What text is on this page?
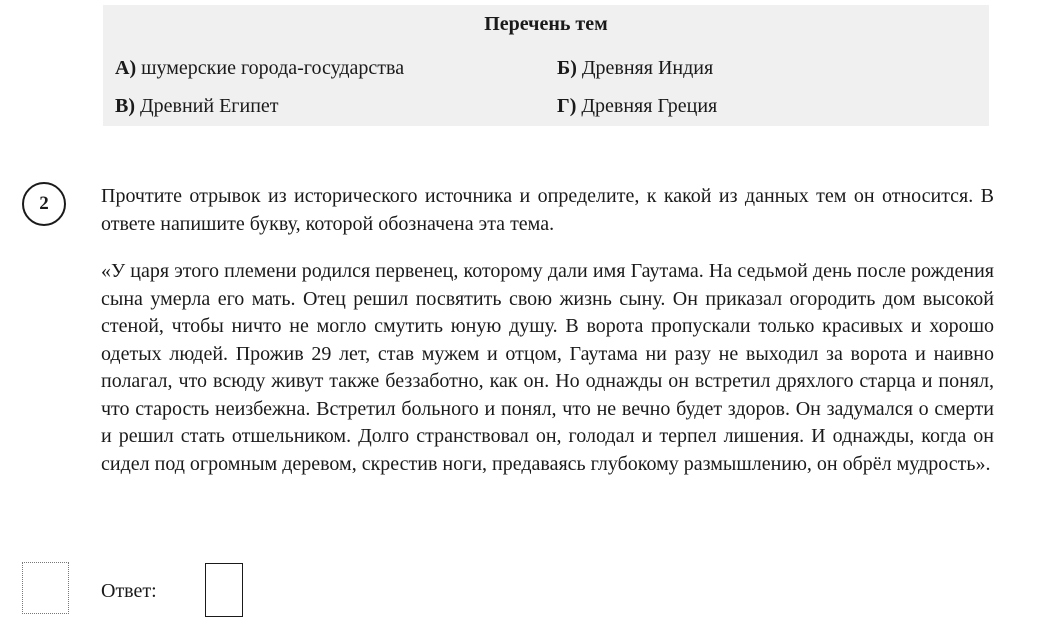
Перечень тем
А) шумерские города-государства	Б) Древняя Индия
В) Древний Египет	Г) Древняя Греция
2	Прочтите отрывок из исторического источника и определите, к какой из данных тем он относится. В ответе напишите букву, которой обозначена эта тема.
«У царя этого племени родился первенец, которому дали имя Гаутама. На седьмой день после рождения сына умерла его мать. Отец решил посвятить свою жизнь сыну. Он приказал огородить дом высокой стеной, чтобы ничто не могло смутить юную душу. В ворота пропускали только красивых и хорошо одетых людей. Прожив 29 лет, став мужем и отцом, Гаутама ни разу не выходил за ворота и наивно полагал, что всюду живут также беззаботно, как он. Но однажды он встретил дряхлого старца и понял, что старость неизбежна. Встретил больного и понял, что не вечно будет здоров. Он задумался о смерти и решил стать отшельником. Долго странствовал он, голодал и терпел лишения. И однажды, когда он сидел под огромным деревом, скрестив ноги, предаваясь глубокому размышлению, он обрёл мудрость».
Ответ:
